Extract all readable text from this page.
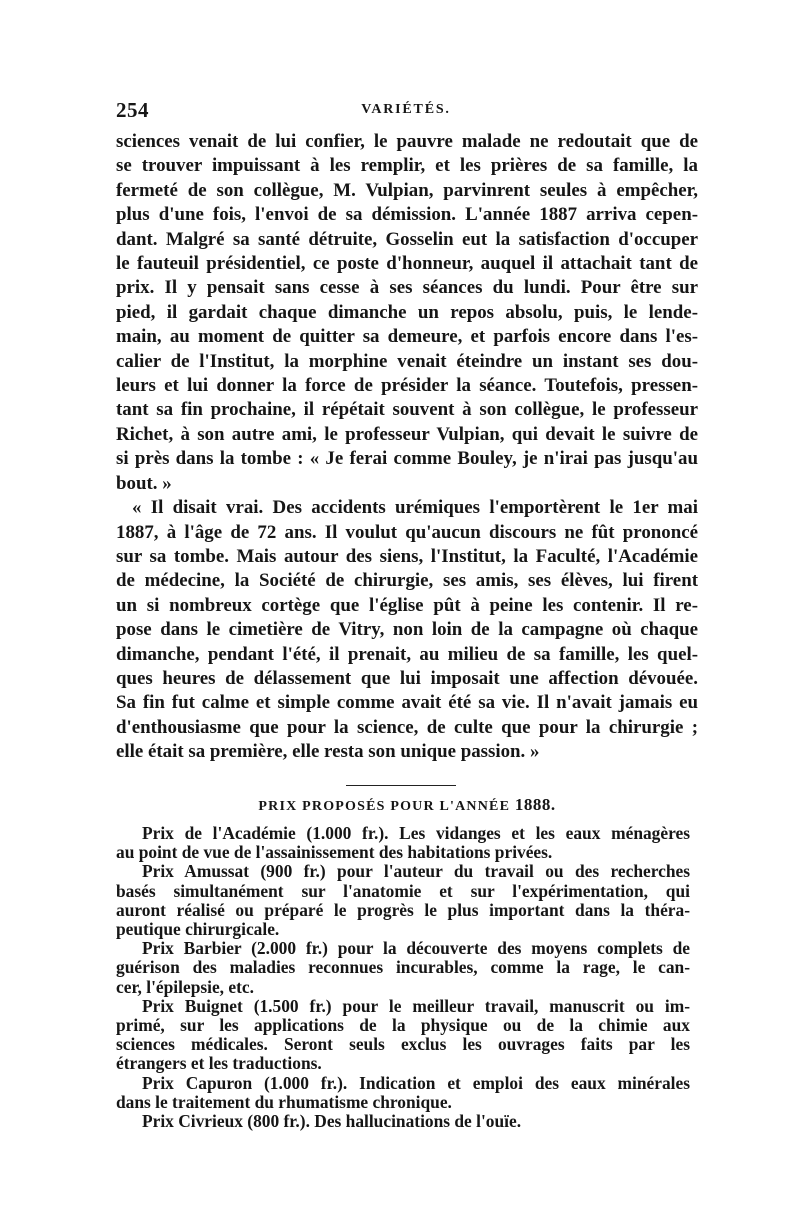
254	VARIÉTÉS.
sciences venait de lui confier, le pauvre malade ne redoutait que de
se trouver impuissant à les remplir, et les prières de sa famille, la
fermeté de son collègue, M. Vulpian, parvinrent seules à empêcher,
plus d'une fois, l'envoi de sa démission. L'année 1887 arriva cepen-
dant. Malgré sa santé détruite, Gosselin eut la satisfaction d'occuper
le fauteuil présidentiel, ce poste d'honneur, auquel il attachait tant de
prix. Il y pensait sans cesse à ses séances du lundi. Pour être sur
pied, il gardait chaque dimanche un repos absolu, puis, le lende-
main, au moment de quitter sa demeure, et parfois encore dans l'es-
calier de l'Institut, la morphine venait éteindre un instant ses dou-
leurs et lui donner la force de présider la séance. Toutefois, pressen-
tant sa fin prochaine, il répétait souvent à son collègue, le professeur
Richet, à son autre ami, le professeur Vulpian, qui devait le suivre de
si près dans la tombe : « Je ferai comme Bouley, je n'irai pas jusqu'au
bout. »
« Il disait vrai. Des accidents urémiques l'emportèrent le 1er mai
1887, à l'âge de 72 ans. Il voulut qu'aucun discours ne fût prononcé
sur sa tombe. Mais autour des siens, l'Institut, la Faculté, l'Académie
de médecine, la Société de chirurgie, ses amis, ses élèves, lui firent
un si nombreux cortège que l'église pût à peine les contenir. Il re-
pose dans le cimetière de Vitry, non loin de la campagne où chaque
dimanche, pendant l'été, il prenait, au milieu de sa famille, les quel-
ques heures de délassement que lui imposait une affection dévouée.
Sa fin fut calme et simple comme avait été sa vie. Il n'avait jamais eu
d'enthousiasme que pour la science, de culte que pour la chirurgie ;
elle était sa première, elle resta son unique passion. »
PRIX PROPOSÉS POUR L'ANNÉE 1888.
Prix de l'Académie (1.000 fr.). Les vidanges et les eaux ménagères
au point de vue de l'assainissement des habitations privées.
Prix Amussat (900 fr.) pour l'auteur du travail ou des recherches
basés simultanément sur l'anatomie et sur l'expérimentation, qui
auront réalisé ou préparé le progrès le plus important dans la théra-
peutique chirurgicale.
Prix Barbier (2.000 fr.) pour la découverte des moyens complets de
guérison des maladies reconnues incurables, comme la rage, le can-
cer, l'épilepsie, etc.
Prix Buignet (1.500 fr.) pour le meilleur travail, manuscrit ou im-
primé, sur les applications de la physique ou de la chimie aux
sciences médicales. Seront seuls exclus les ouvrages faits par les
étrangers et les traductions.
Prix Capuron (1.000 fr.). Indication et emploi des eaux minérales
dans le traitement du rhumatisme chronique.
Prix Civrieux (800 fr.). Des hallucinations de l'ouïe.
